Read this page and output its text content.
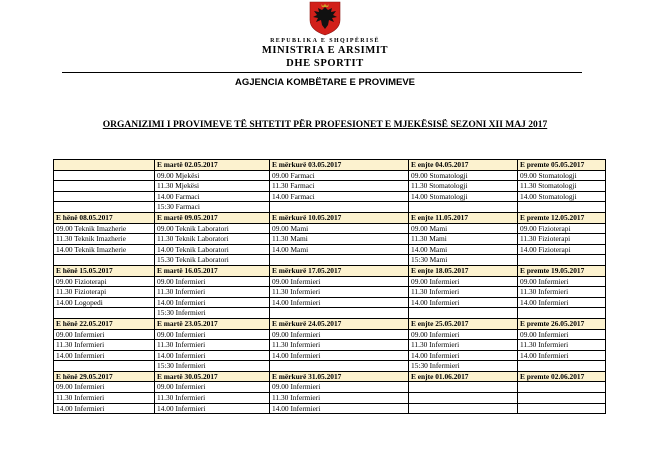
REPUBLIKA E SHQIPËRISË
MINISTRIA E ARSIMIT
DHE SPORTIT
AGJENCIA KOMBËTARE E PROVIMEVE
ORGANIZIMI I PROVIMEVE TË SHTETIT PËR PROFESIONET E MJEKËSISË SEZONI XII MAJ 2017
	E martë 02.05.2017	E mërkurë 03.05.2017	E enjte 04.05.2017	E premte 05.05.2017
	09.00 Mjekësi	09.00 Farmaci	09.00 Stomatologji	09.00 Stomatologji
	11.30 Mjekësi	11.30 Farmaci	11.30 Stomatologji	11.30 Stomatologji
	14.00 Farmaci	14.00 Farmaci	14.00 Stomatologji	14.00 Stomatologji
	15:30 Farmaci			
E hënë 08.05.2017	E martë 09.05.2017	E mërkurë 10.05.2017	E enjte 11.05.2017	E premte 12.05.2017
09.00 Teknik Imazherie	09.00 Teknik Laboratori	09.00 Mami	09.00 Mami	09.00 Fizioterapi
11.30 Teknik Imazherie	11.30 Teknik Laboratori	11.30 Mami	11.30 Mami	11.30 Fizioterapi
14.00 Teknik Imazherie	14.00 Teknik Laboratori	14.00 Mami	14.00 Mami	14.00 Fizioterapi
	15.30 Teknik Laboratori		15:30 Mami	
E hënë 15.05.2017	E martë 16.05.2017	E mërkurë 17.05.2017	E enjte 18.05.2017	E premte 19.05.2017
09.00 Fizioterapi	09.00 Infermieri	09.00 Infermieri	09.00 Infermieri	09.00 Infermieri
11.30 Fizioterapi	11.30 Infermieri	11.30 Infermieri	11.30 Infermieri	11.30 Infermieri
14.00 Logopedi	14.00 Infermieri	14.00 Infermieri	14.00 Infermieri	14.00 Infermieri
	15:30 Infermieri			
E hënë 22.05.2017	E martë 23.05.2017	E mërkurë 24.05.2017	E enjte 25.05.2017	E premte 26.05.2017
09.00 Infermieri	09.00 Infermieri	09.00 Infermieri	09.00 Infermieri	09.00 Infermieri
11.30 Infermieri	11.30 Infermieri	11.30 Infermieri	11.30 Infermieri	11.30 Infermieri
14.00 Infermieri	14.00 Infermieri	14.00 Infermieri	14.00 Infermieri	14.00 Infermieri
	15:30 Infermieri		15:30 Infermieri	
E hënë 29.05.2017	E martë 30.05.2017	E mërkurë 31.05.2017	E enjte 01.06.2017	E premte 02.06.2017
09.00 Infermieri	09.00 Infermieri	09.00 Infermieri		
11.30 Infermieri	11.30 Infermieri	11.30 Infermieri		
14.00 Infermieri	14.00 Infermieri	14.00 Infermieri		
